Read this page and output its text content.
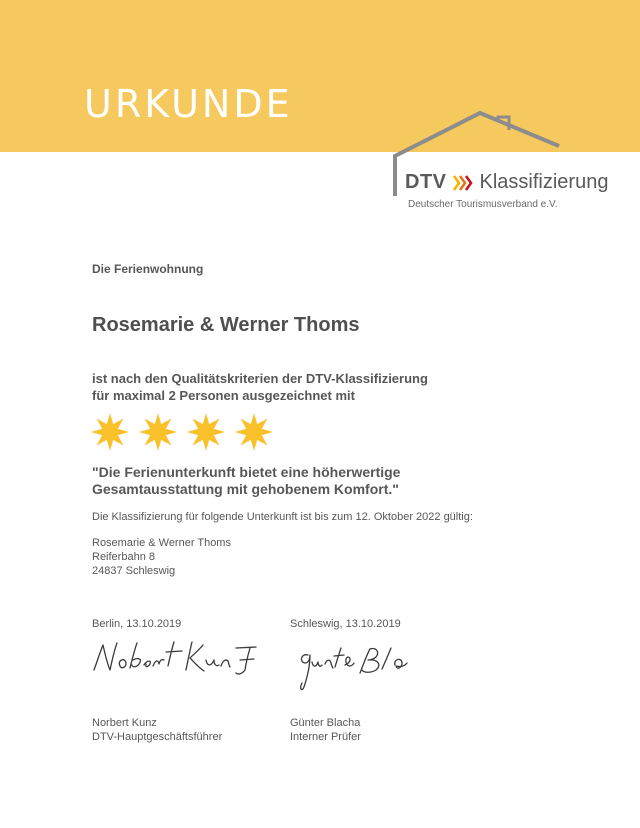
URKUNDE
DTV Klassifizierung
Deutscher Tourismusverband e.V.

Die Ferienwohnung

Rosemarie & Werner Thoms

ist nach den Qualitätskriterien der DTV-Klassifizierung
für maximal 2 Personen ausgezeichnet mit

"Die Ferienunterkunft bietet eine höherwertige
Gesamtausstattung mit gehobenem Komfort."

Die Klassifizierung für folgende Unterkunft ist bis zum 12. Oktober 2022 gültig:

Rosemarie & Werner Thoms
Reiferbahn 8
24837 Schleswig

Berlin, 13.10.2019	Schleswig, 13.10.2019

Norbert Kunz
DTV-Hauptgeschäftsführer

Günter Blacha
Interner Prüfer
